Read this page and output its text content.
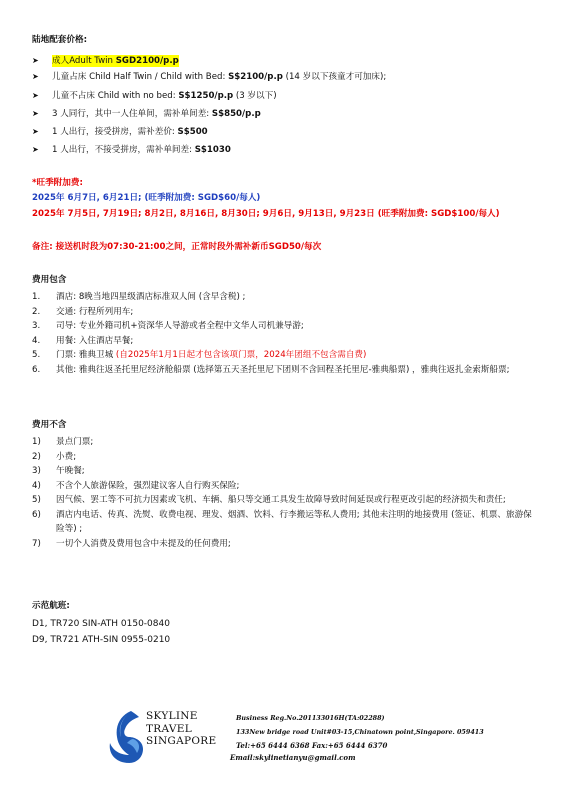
陆地配套价格:
➤ 成人Adult Twin SGD2100/p.p
➤ 儿童占床 Child Half Twin / Child with Bed: S$2100/p.p (14 岁以下孩童才可加床);
➤ 儿童不占床 Child with no bed: S$1250/p.p (3 岁以下)
➤ 3 人同行，其中一人住单间，需补单间差: S$850/p.p
➤ 1 人出行，接受拼房，需补差价: S$500
➤ 1 人出行，不接受拼房，需补单间差: S$1030
*旺季附加费:
2025年 6月7日, 6月21日; (旺季附加费: SGD$60/每人)
2025年 7月5日, 7月19日; 8月2日, 8月16日, 8月30日; 9月6日, 9月13日, 9月23日 (旺季附加费: SGD$100/每人)
备注: 接送机时段为07:30-21:00之间，正常时段外需补新币SGD50/每次
费用包含
1.	酒店: 8晚当地四星级酒店标准双人间 (含早含税) ;
2.	交通: 行程所列用车;
3.	司导: 专业外籍司机+资深华人导游或者全程中文华人司机兼导游;
4.	用餐: 入住酒店早餐;
5.	门票: 雅典卫城 (自2025年1月1日起才包含该项门票，2024年团组不包含需自费)
6.	其他: 雅典往返圣托里尼经济舱船票 (选择第五天圣托里尼下团则不含回程圣托里尼-雅典船票) ，雅典往返扎金索斯船票;
费用不含
1)	景点门票;
2)	小费;
3)	午晚餐;
4)	不含个人旅游保险，强烈建议客人自行购买保险;
5)	因气候、罢工等不可抗力因素或飞机、车辆、船只等交通工具发生故障导致时间延误或行程更改引起的经济损失和责任;
6)	酒店内电话、传真、洗熨、收费电视、理发、烟酒、饮料、行李搬运等私人费用; 其他未注明的地接费用 (签证、机票、旅游保险等) ;
7)	一切个人消费及费用包含中未提及的任何费用;
示范航班:
D1, TR720 SIN-ATH 0150-0840
D9, TR721 ATH-SIN 0955-0210
SKYLINE
TRAVEL
SINGAPORE
Business Reg.No.201133016H(TA:02288)
133New bridge road Unit#03-15,Chinatown point,Singapore. 059413
Tel:+65 6444 6368 Fax:+65 6444 6370
Email:skylinetianyu@gmail.com
